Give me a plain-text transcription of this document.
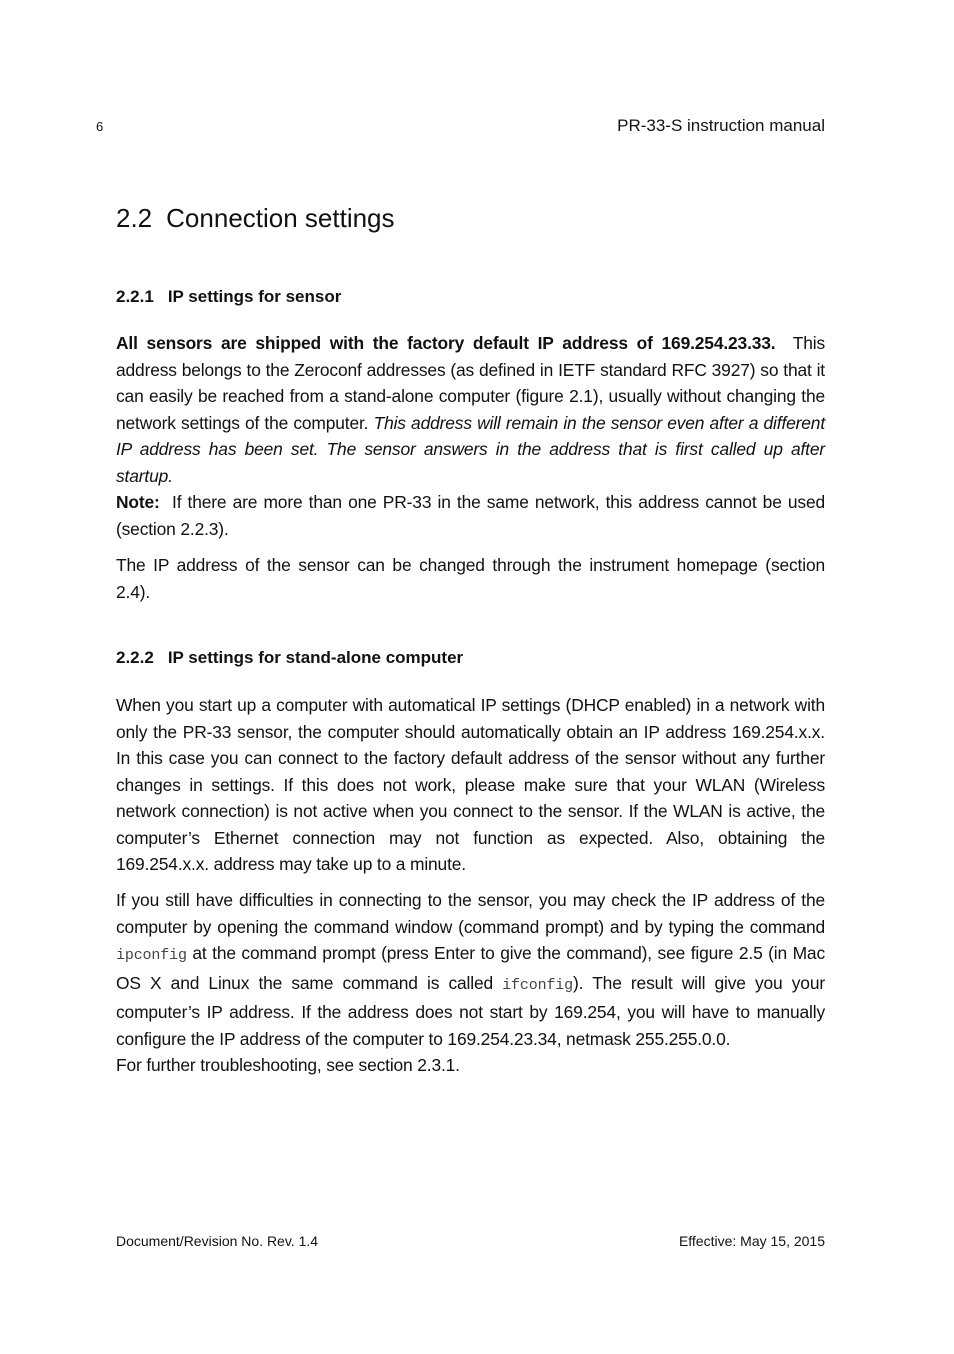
6	PR-33-S instruction manual
2.2 Connection settings
2.2.1 IP settings for sensor

All sensors are shipped with the factory default IP address of 169.254.23.33. This address belongs to the Zeroconf addresses (as defined in IETF standard RFC 3927) so that it can easily be reached from a stand-alone computer (figure 2.1), usually without changing the network settings of the computer. This address will remain in the sensor even after a different IP address has been set. The sensor answers in the address that is first called up after startup.
Note: If there are more than one PR-33 in the same network, this address cannot be used (section 2.2.3).

The IP address of the sensor can be changed through the instrument homepage (section 2.4).

2.2.2 IP settings for stand-alone computer

When you start up a computer with automatical IP settings (DHCP enabled) in a network with only the PR-33 sensor, the computer should automatically obtain an IP address 169.254.x.x. In this case you can connect to the factory default address of the sensor without any further changes in settings. If this does not work, please make sure that your WLAN (Wireless network connection) is not active when you connect to the sensor. If the WLAN is active, the computer’s Ethernet connection may not function as expected. Also, obtaining the 169.254.x.x. address may take up to a minute.

If you still have difficulties in connecting to the sensor, you may check the IP address of the computer by opening the command window (command prompt) and by typing the command ipconfig at the command prompt (press Enter to give the command), see figure 2.5 (in Mac OS X and Linux the same command is called ifconfig). The result will give you your computer’s IP address. If the address does not start by 169.254, you will have to manually configure the IP address of the computer to 169.254.23.34, netmask 255.255.0.0.
For further troubleshooting, see section 2.3.1.

Document/Revision No. Rev. 1.4	Effective: May 15, 2015
